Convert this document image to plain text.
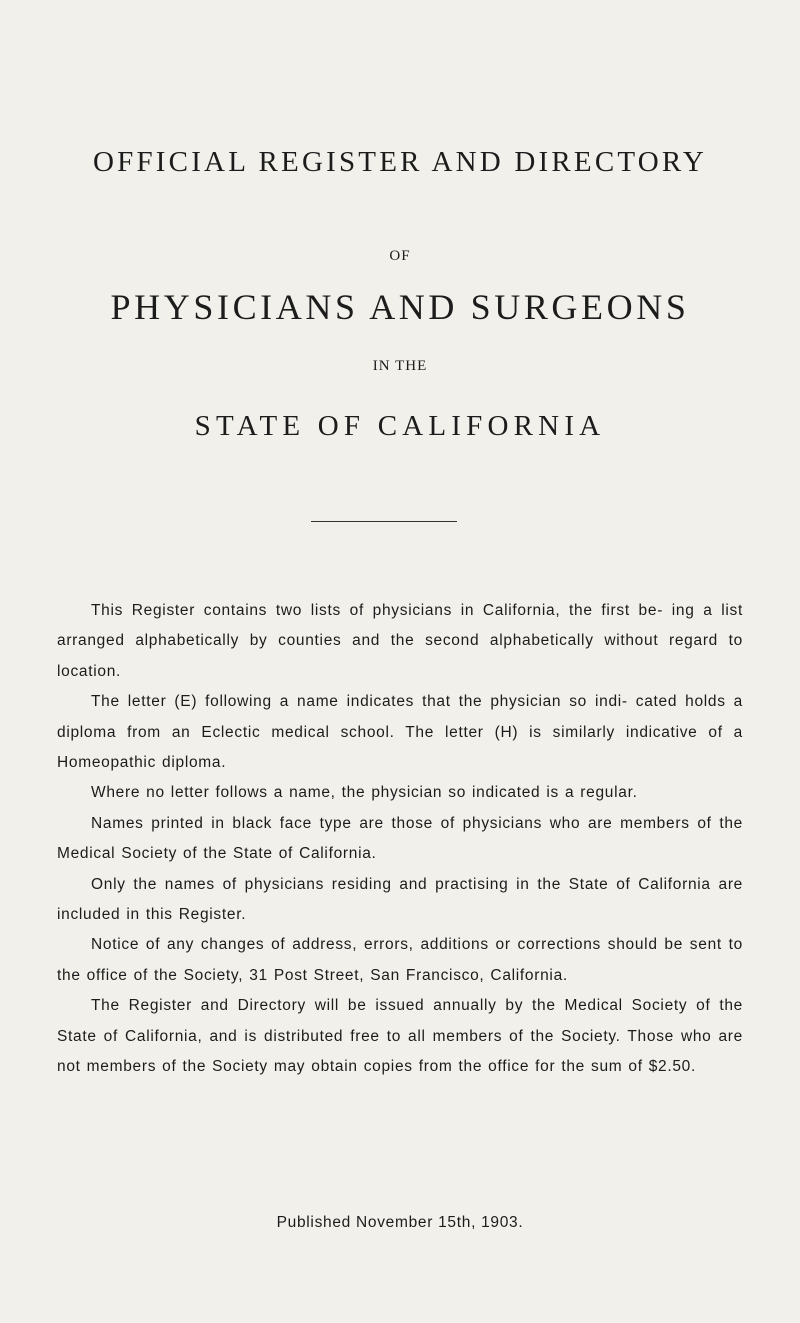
OFFICIAL REGISTER AND DIRECTORY
OF
PHYSICIANS AND SURGEONS
IN THE
STATE OF CALIFORNIA

This Register contains two lists of physicians in California, the first be- ing a list arranged alphabetically by counties and the second alphabetically without regard to location.

The letter (E) following a name indicates that the physician so indi- cated holds a diploma from an Eclectic medical school. The letter (H) is similarly indicative of a Homeopathic diploma.

Where no letter follows a name, the physician so indicated is a regular.

Names printed in black face type are those of physicians who are members of the Medical Society of the State of California.

Only the names of physicians residing and practising in the State of California are included in this Register.

Notice of any changes of address, errors, additions or corrections should be sent to the office of the Society, 31 Post Street, San Francisco, California.

The Register and Directory will be issued annually by the Medical Society of the State of California, and is distributed free to all members of the Society. Those who are not members of the Society may obtain copies from the office for the sum of $2.50.

Published November 15th, 1903.
